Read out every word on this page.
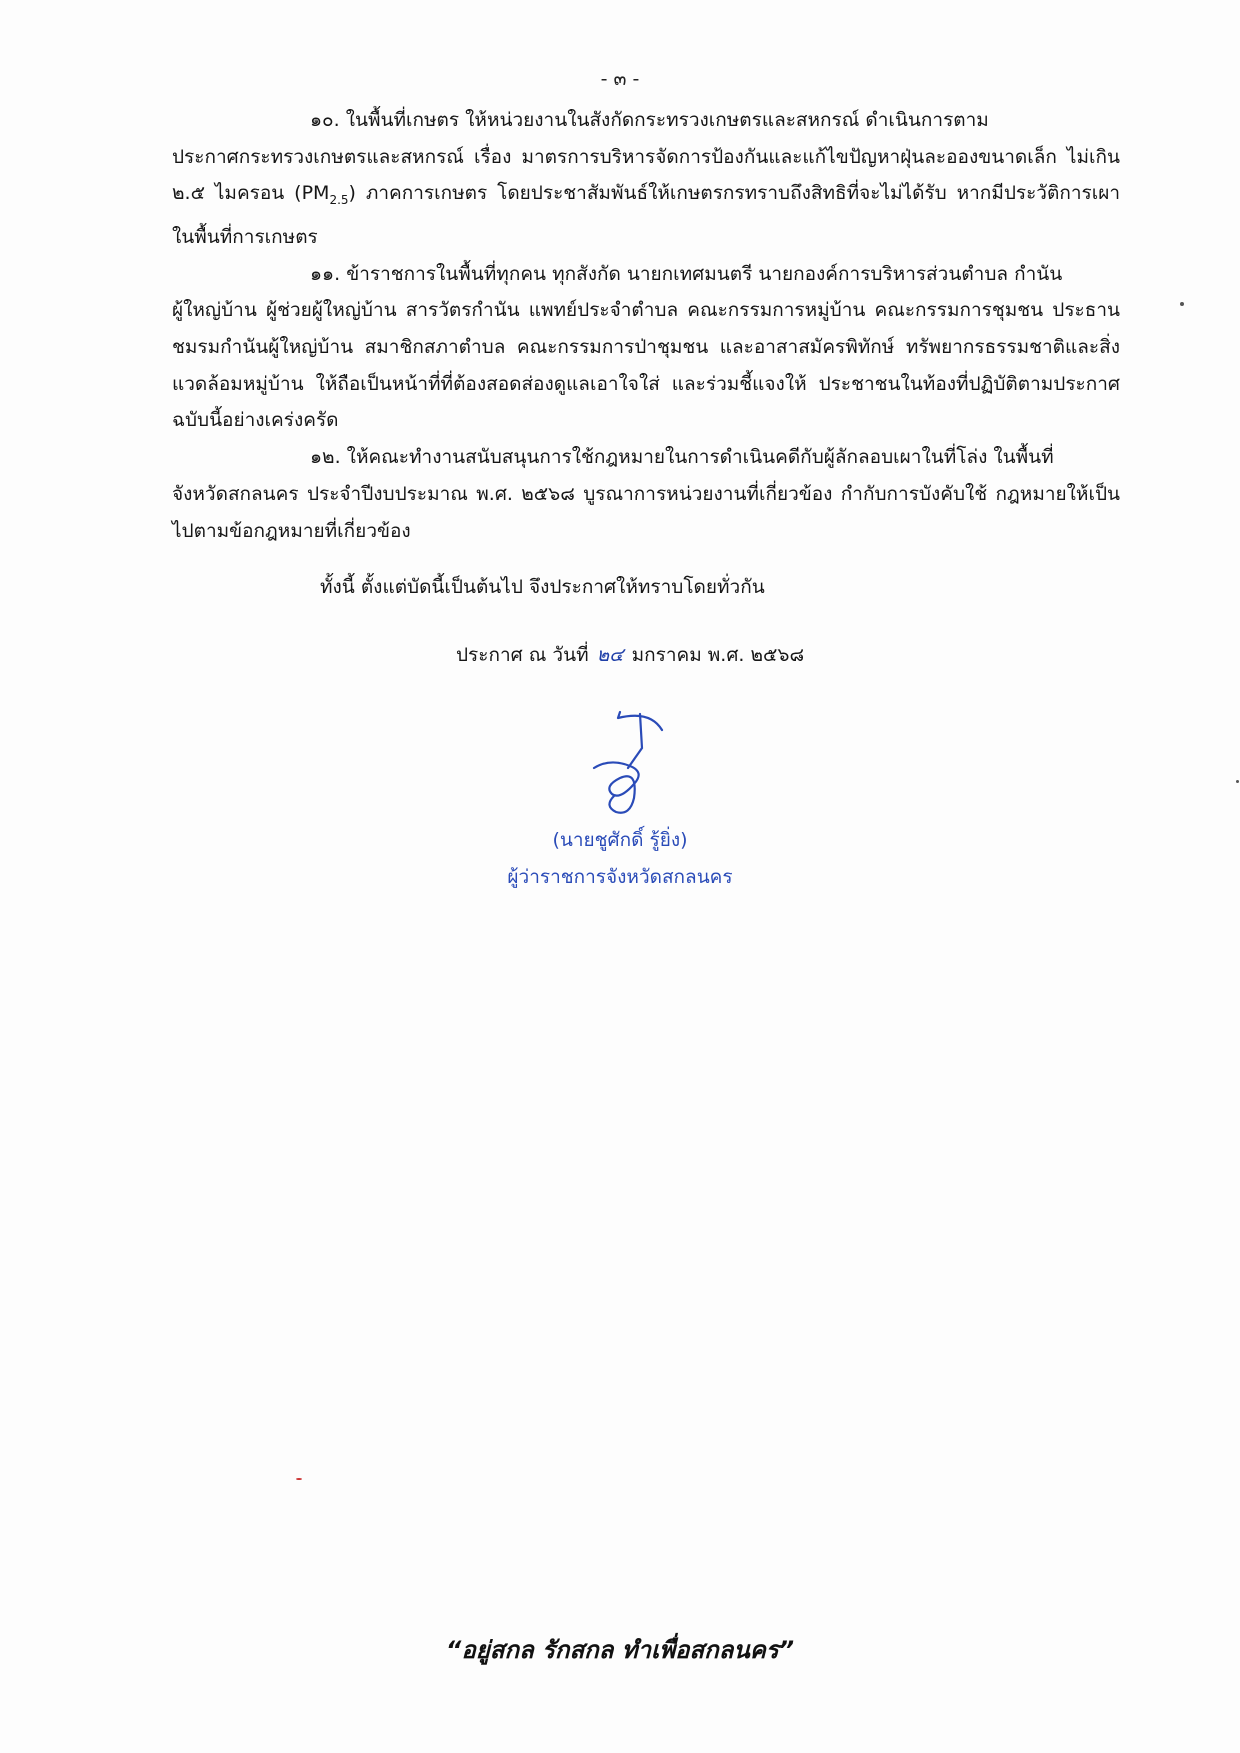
- ๓ -

๑๐. ในพื้นที่เกษตร ให้หน่วยงานในสังกัดกระทรวงเกษตรและสหกรณ์ ดำเนินการตาม
ประกาศกระทรวงเกษตรและสหกรณ์ เรื่อง มาตรการบริหารจัดการป้องกันและแก้ไขปัญหาฝุ่นละอองขนาดเล็ก ไม่เกิน ๒.๕ ไมครอน $(PM_{2.5})$ ภาคการเกษตร โดยประชาสัมพันธ์ให้เกษตรกรทราบถึงสิทธิที่จะไม่ได้รับ หากมีประวัติการเผาในพื้นที่การเกษตร

๑๑. ข้าราชการในพื้นที่ทุกคน ทุกสังกัด นายกเทศมนตรี นายกองค์การบริหารส่วนตำบล กำนัน
ผู้ใหญ่บ้าน ผู้ช่วยผู้ใหญ่บ้าน สารวัตรกำนัน แพทย์ประจำตำบล คณะกรรมการหมู่บ้าน คณะกรรมการชุมชน ประธานชมรมกำนันผู้ใหญ่บ้าน สมาชิกสภาตำบล คณะกรรมการป่าชุมชน และอาสาสมัครพิทักษ์ ทรัพยากรธรรมชาติและสิ่งแวดล้อมหมู่บ้าน ให้ถือเป็นหน้าที่ที่ต้องสอดส่องดูแลเอาใจใส่ และร่วมชี้แจงให้ ประชาชนในท้องที่ปฏิบัติตามประกาศฉบับนี้อย่างเคร่งครัด

๑๒. ให้คณะทำงานสนับสนุนการใช้กฎหมายในการดำเนินคดีกับผู้ลักลอบเผาในที่โล่ง ในพื้นที่
จังหวัดสกลนคร ประจำปีงบประมาณ พ.ศ. ๒๕๖๘ บูรณาการหน่วยงานที่เกี่ยวข้อง กำกับการบังคับใช้ กฎหมายให้เป็นไปตามข้อกฎหมายที่เกี่ยวข้อง

ทั้งนี้ ตั้งแต่บัดนี้เป็นต้นไป จึงประกาศให้ทราบโดยทั่วกัน
ประกาศ ณ วันที่ ๒๔ มกราคม พ.ศ. ๒๕๖๘
(นายชูศักดิ์ รู้ยิ่ง)
ผู้ว่าราชการจังหวัดสกลนคร
“อยู่สกล รักสกล ทำเพื่อสกลนคร”
